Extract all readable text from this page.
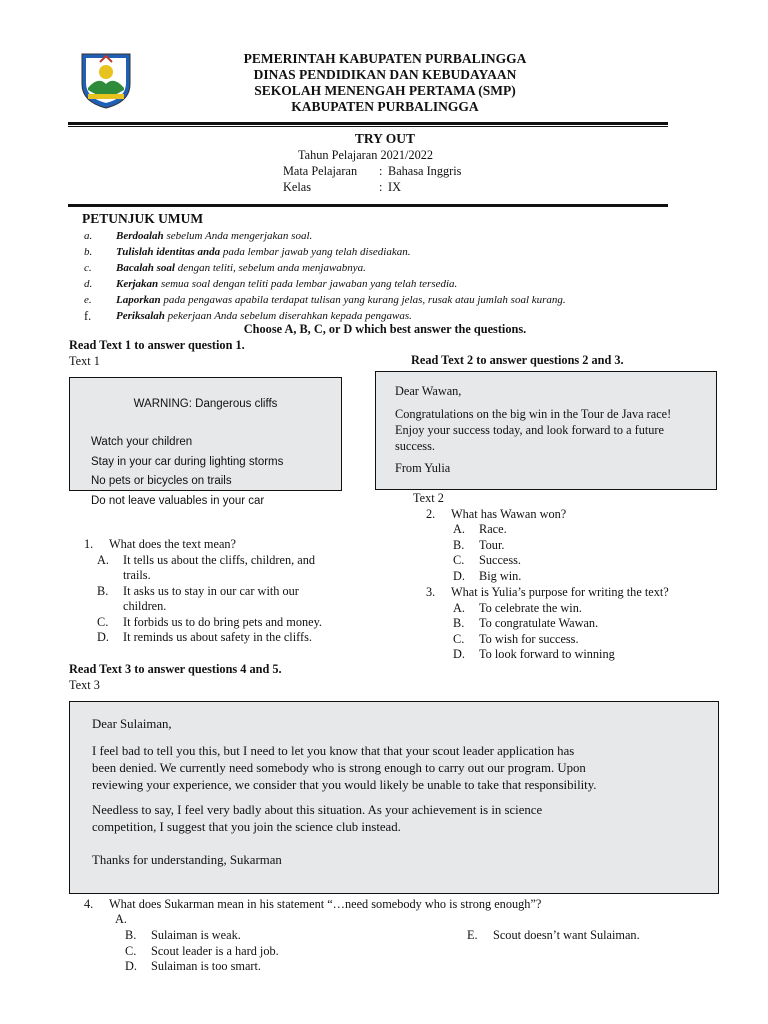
PEMERINTAH KABUPATEN PURBALINGGA
DINAS PENDIDIKAN DAN KEBUDAYAAN
SEKOLAH MENENGAH PERTAMA (SMP)
KABUPATEN PURBALINGGA
TRY OUT
Tahun Pelajaran 2021/2022
Mata Pelajaran : Bahasa Inggris
Kelas	: IX
PETUNJUK UMUM
a.	Berdoalah sebelum Anda mengerjakan soal.
b.	Tulislah identitas anda pada lembar jawab yang telah disediakan.
c.	Bacalah soal dengan teliti, sebelum anda menjawabnya.
d.	Kerjakan semua soal dengan teliti pada lembar jawaban yang telah tersedia.
e.	Laporkan pada pengawas apabila terdapat tulisan yang kurang jelas, rusak atau jumlah soal kurang.
f.	Periksalah pekerjaan Anda sebelum diserahkan kepada pengawas.
Choose A, B, C, or D which best answer the questions.
Read Text 1 to answer question 1.
Text 1
WARNING: Dangerous cliffs
Watch your children
Stay in your car during lighting storms
No pets or bicycles on trails
Do not leave valuables in your car
1. What does the text mean?
A. It tells us about the cliffs, children, and
trails.
B. It asks us to stay in our car with our
children.
C. It forbids us to do bring pets and money.
D. It reminds us about safety in the cliffs.
Read Text 2 to answer questions 2 and 3.
Dear Wawan,
Congratulations on the big win in the Tour de Java race!
Enjoy your success today, and look forward to a future
success.
From Yulia
Text 2
2. What has Wawan won?
A. Race.
B. Tour.
C. Success.
D. Big win.
3. What is Yulia’s purpose for writing the text?
A. To celebrate the win.
B. To congratulate Wawan.
C. To wish for success.
D. To look forward to winning
Read Text 3 to answer questions 4 and 5.
Text 3
Dear Sulaiman,
I feel bad to tell you this, but I need to let you know that that your scout leader application has
been denied. We currently need somebody who is strong enough to carry out our program. Upon
reviewing your experience, we consider that you would likely be unable to take that responsibility.
Needless to say, I feel very badly about this situation. As your achievement is in science
competition, I suggest that you join the science club instead.
Thanks for understanding, Sukarman
4. What does Sukarman mean in his statement “…need somebody who is strong enough”?
A.
B. Sulaiman is weak.
C. Scout leader is a hard job.
D. Sulaiman is too smart.
E. Scout doesn’t want Sulaiman.
